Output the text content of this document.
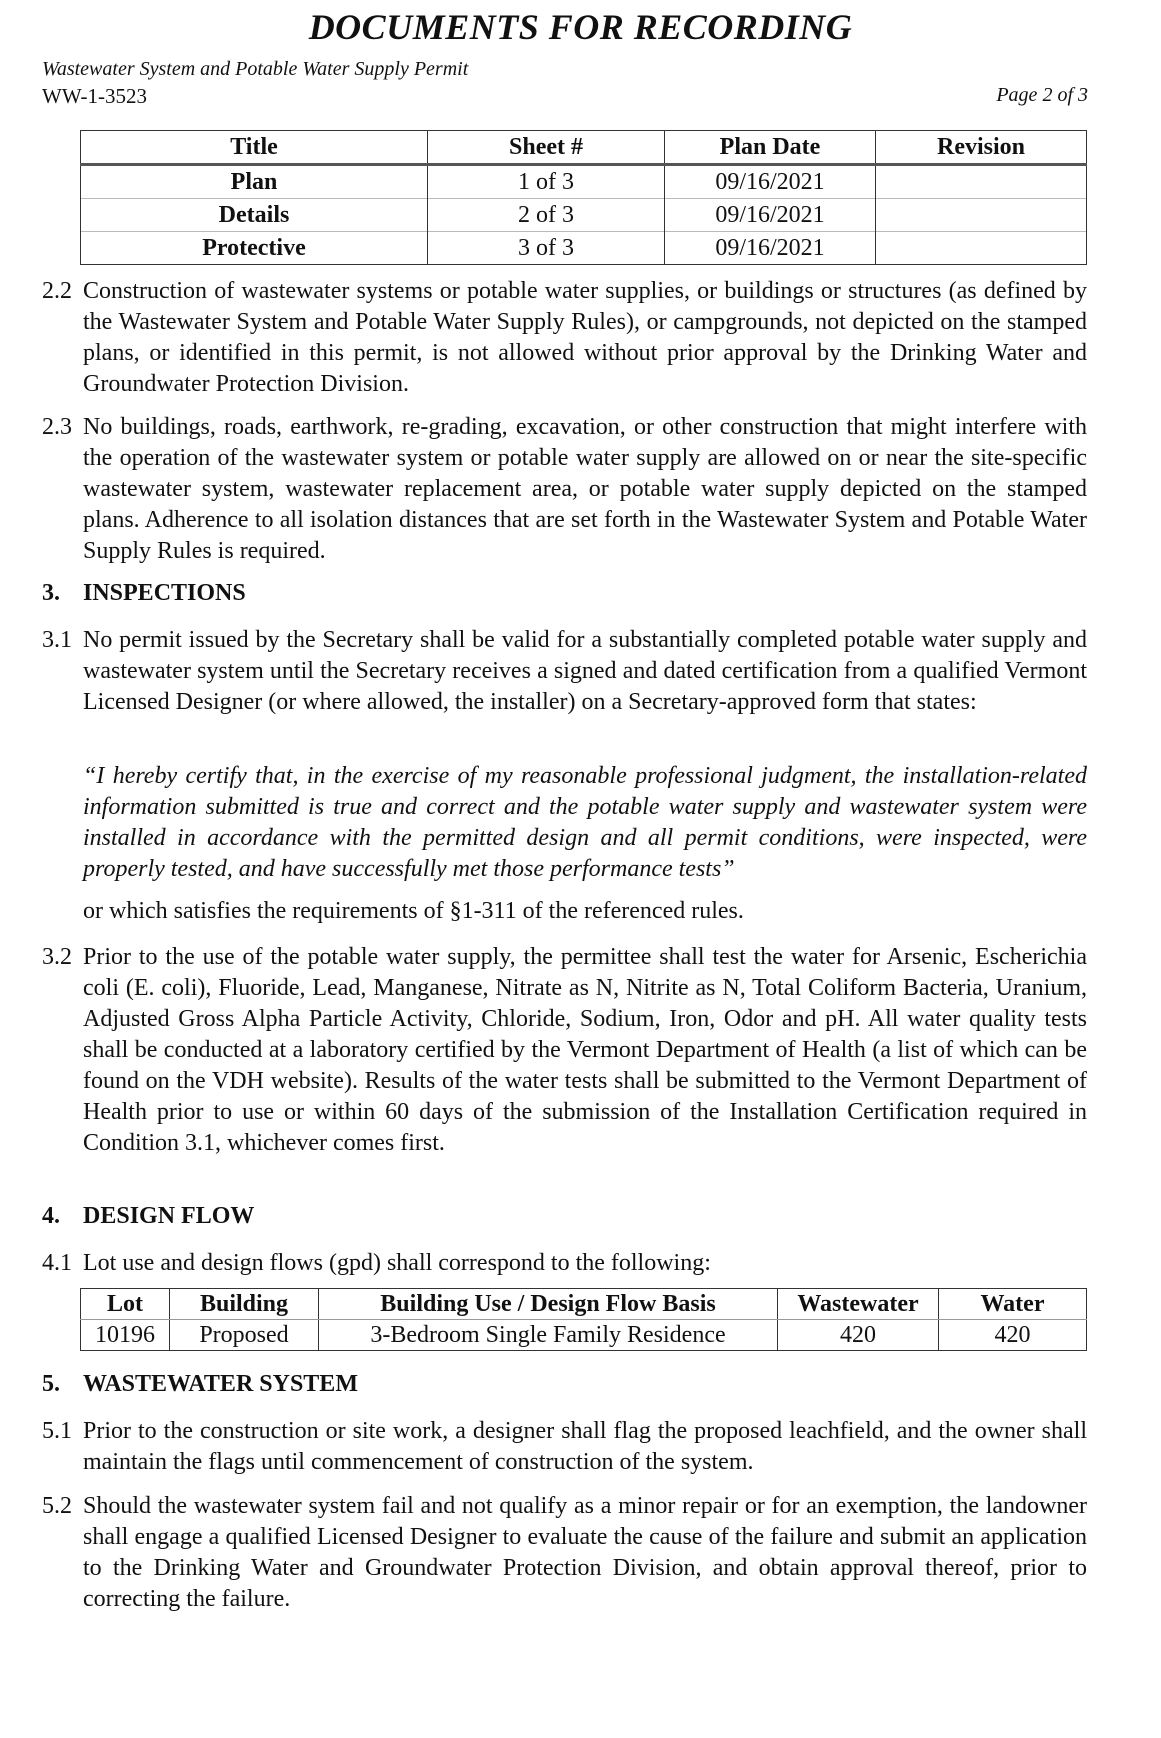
DOCUMENTS FOR RECORDING
Wastewater System and Potable Water Supply Permit
WW-1-3523	Page 2 of 3
Title	Sheet #	Plan Date	Revision
Plan	1 of 3	09/16/2021	
Details	2 of 3	09/16/2021	
Protective	3 of 3	09/16/2021	
2.2 Construction of wastewater systems or potable water supplies, or buildings or structures (as defined by the Wastewater System and Potable Water Supply Rules), or campgrounds, not depicted on the stamped plans, or identified in this permit, is not allowed without prior approval by the Drinking Water and Groundwater Protection Division.
2.3 No buildings, roads, earthwork, re-grading, excavation, or other construction that might interfere with the operation of the wastewater system or potable water supply are allowed on or near the site-specific wastewater system, wastewater replacement area, or potable water supply depicted on the stamped plans. Adherence to all isolation distances that are set forth in the Wastewater System and Potable Water Supply Rules is required.
3. INSPECTIONS
3.1 No permit issued by the Secretary shall be valid for a substantially completed potable water supply and wastewater system until the Secretary receives a signed and dated certification from a qualified Vermont Licensed Designer (or where allowed, the installer) on a Secretary-approved form that states:
“I hereby certify that, in the exercise of my reasonable professional judgment, the installation-related information submitted is true and correct and the potable water supply and wastewater system were installed in accordance with the permitted design and all permit conditions, were inspected, were properly tested, and have successfully met those performance tests”
or which satisfies the requirements of §1-311 of the referenced rules.
3.2 Prior to the use of the potable water supply, the permittee shall test the water for Arsenic, Escherichia coli (E. coli), Fluoride, Lead, Manganese, Nitrate as N, Nitrite as N, Total Coliform Bacteria, Uranium, Adjusted Gross Alpha Particle Activity, Chloride, Sodium, Iron, Odor and pH. All water quality tests shall be conducted at a laboratory certified by the Vermont Department of Health (a list of which can be found on the VDH website). Results of the water tests shall be submitted to the Vermont Department of Health prior to use or within 60 days of the submission of the Installation Certification required in Condition 3.1, whichever comes first.
4. DESIGN FLOW
4.1 Lot use and design flows (gpd) shall correspond to the following:
Lot	Building	Building Use / Design Flow Basis	Wastewater	Water
10196	Proposed	3-Bedroom Single Family Residence	420	420
5. WASTEWATER SYSTEM
5.1 Prior to the construction or site work, a designer shall flag the proposed leachfield, and the owner shall maintain the flags until commencement of construction of the system.
5.2 Should the wastewater system fail and not qualify as a minor repair or for an exemption, the landowner shall engage a qualified Licensed Designer to evaluate the cause of the failure and submit an application to the Drinking Water and Groundwater Protection Division, and obtain approval thereof, prior to correcting the failure.
